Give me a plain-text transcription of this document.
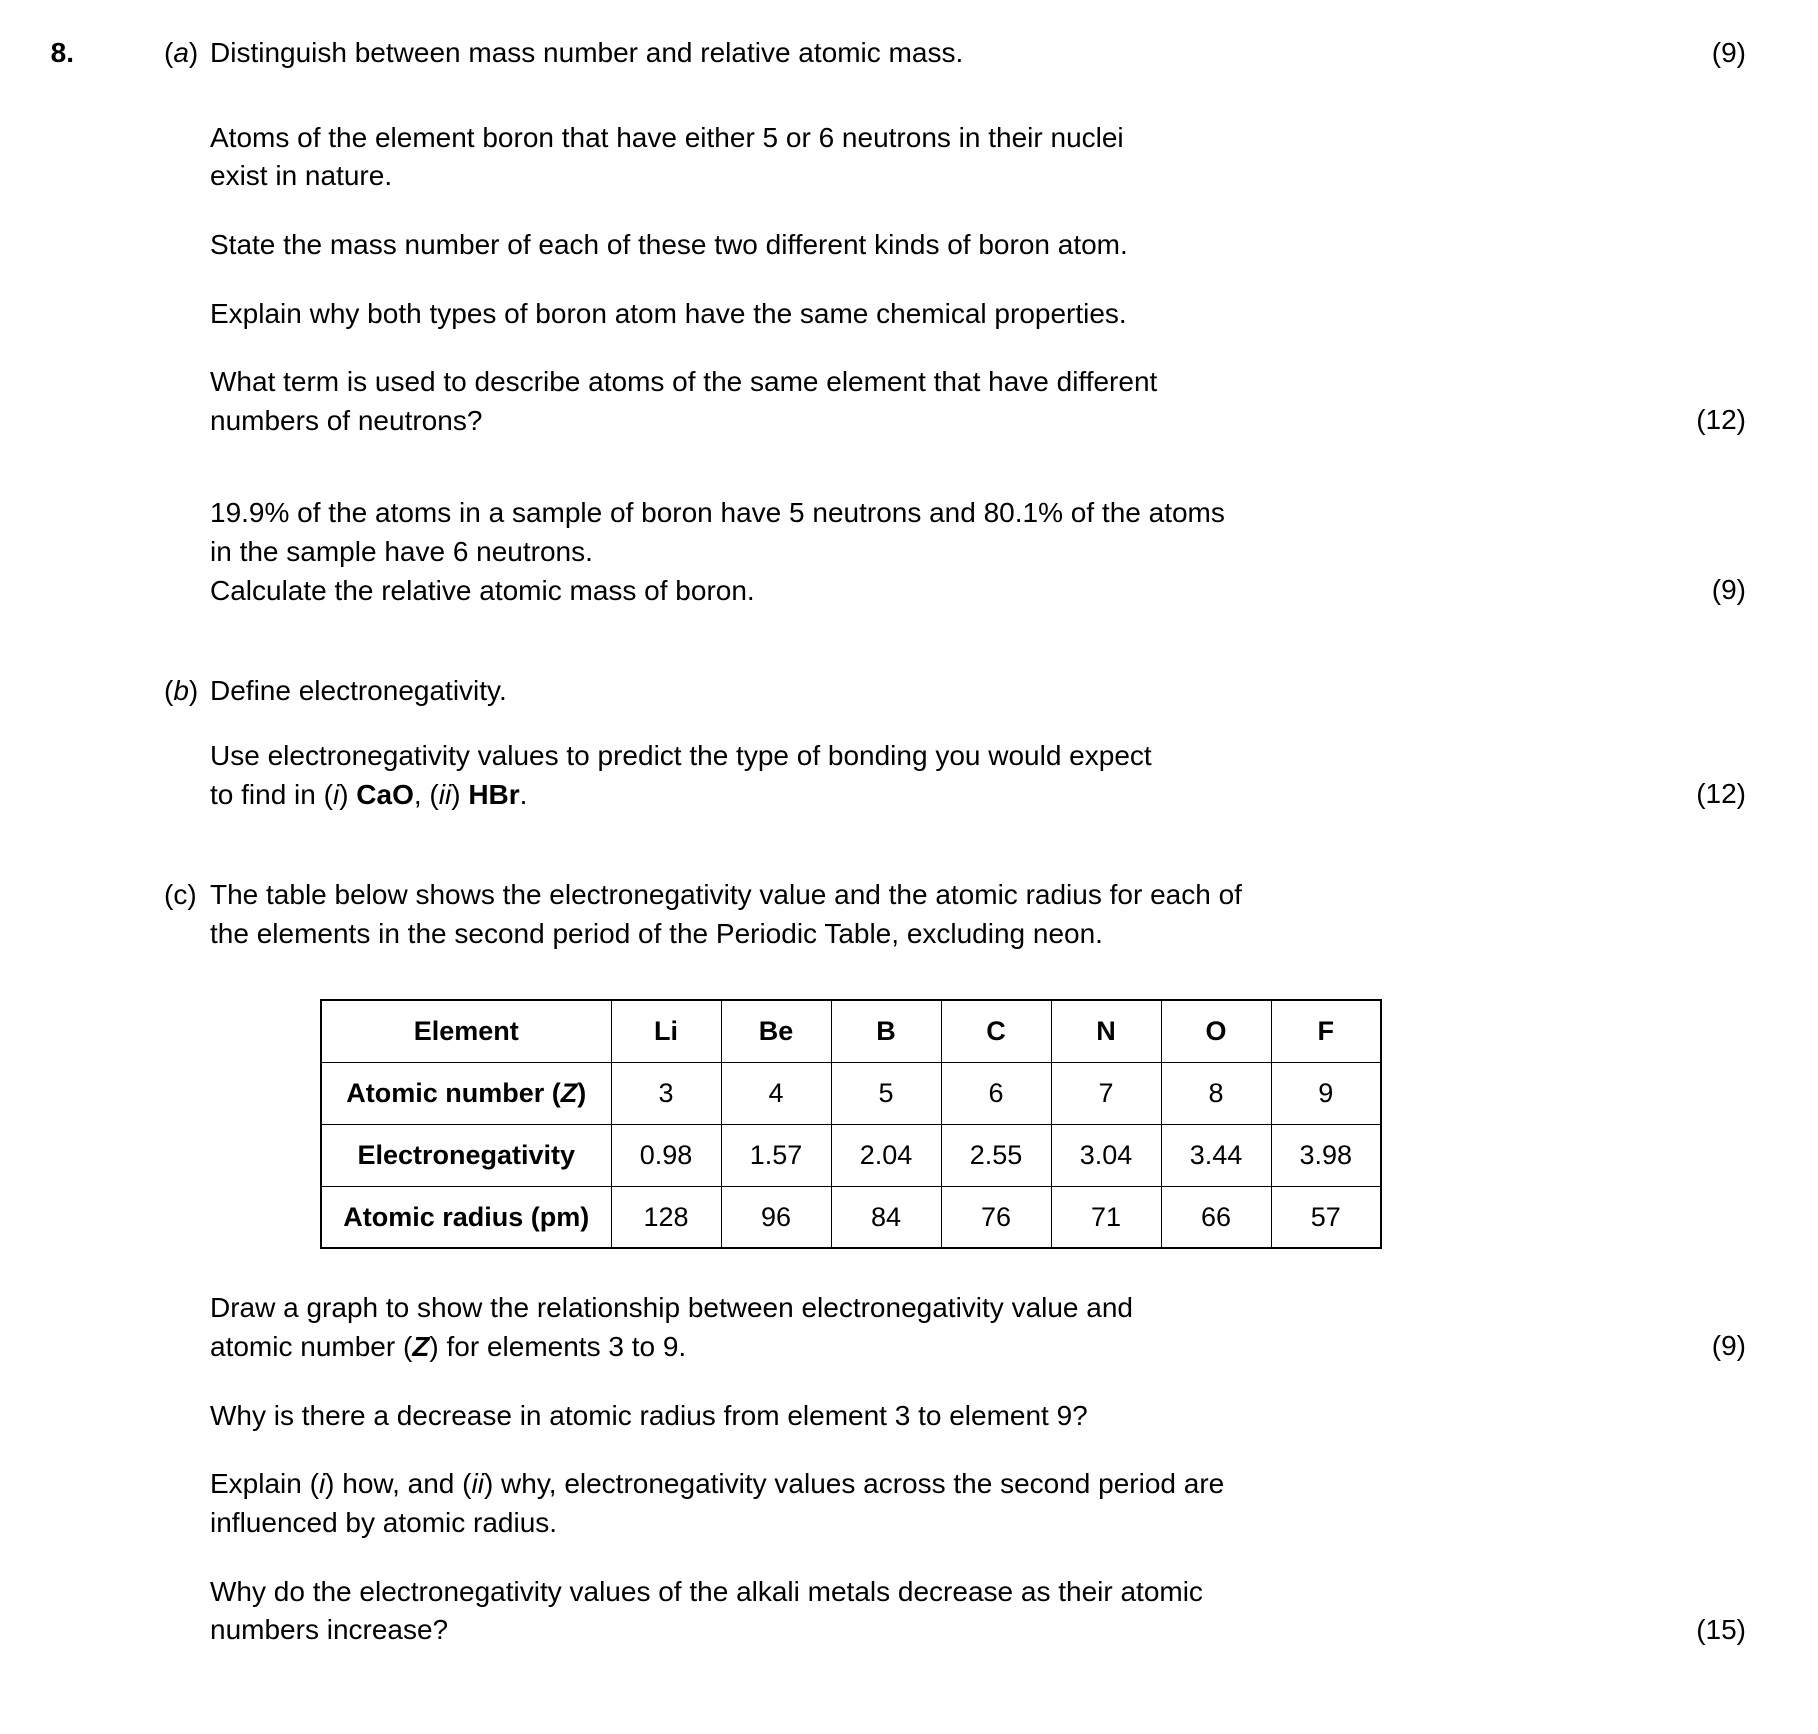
8.	(a) Distinguish between mass number and relative atomic mass.	(9)

Atoms of the element boron that have either 5 or 6 neutrons in their nuclei

exist in nature.

State the mass number of each of these two different kinds of boron atom.

Explain why both types of boron atom have the same chemical properties.

What term is used to describe atoms of the same element that have different

numbers of neutrons?	(12)

19.9% of the atoms in a sample of boron have 5 neutrons and 80.1% of the atoms

in the sample have 6 neutrons.

Calculate the relative atomic mass of boron.	(9)
(b) Define electronegativity.

Use electronegativity values to predict the type of bonding you would expect

to find in (i) CaO, (ii) HBr.	(12)
(c) The table below shows the electronegativity value and the atomic radius for each of

the elements in the second period of the Periodic Table, excluding neon.

Element	Li	Be	B	C	N	O	F
Atomic number (Z)	3	4	5	6	7	8	9
Electronegativity	0.98	1.57	2.04	2.55	3.04	3.44	3.98
Atomic radius (pm)	128	96	84	76	71	66	57

Draw a graph to show the relationship between electronegativity value and

atomic number (Z) for elements 3 to 9.	(9)

Why is there a decrease in atomic radius from element 3 to element 9?

Explain (i) how, and (ii) why, electronegativity values across the second period are

influenced by atomic radius.

Why do the electronegativity values of the alkali metals decrease as their atomic

numbers increase?	(15)
